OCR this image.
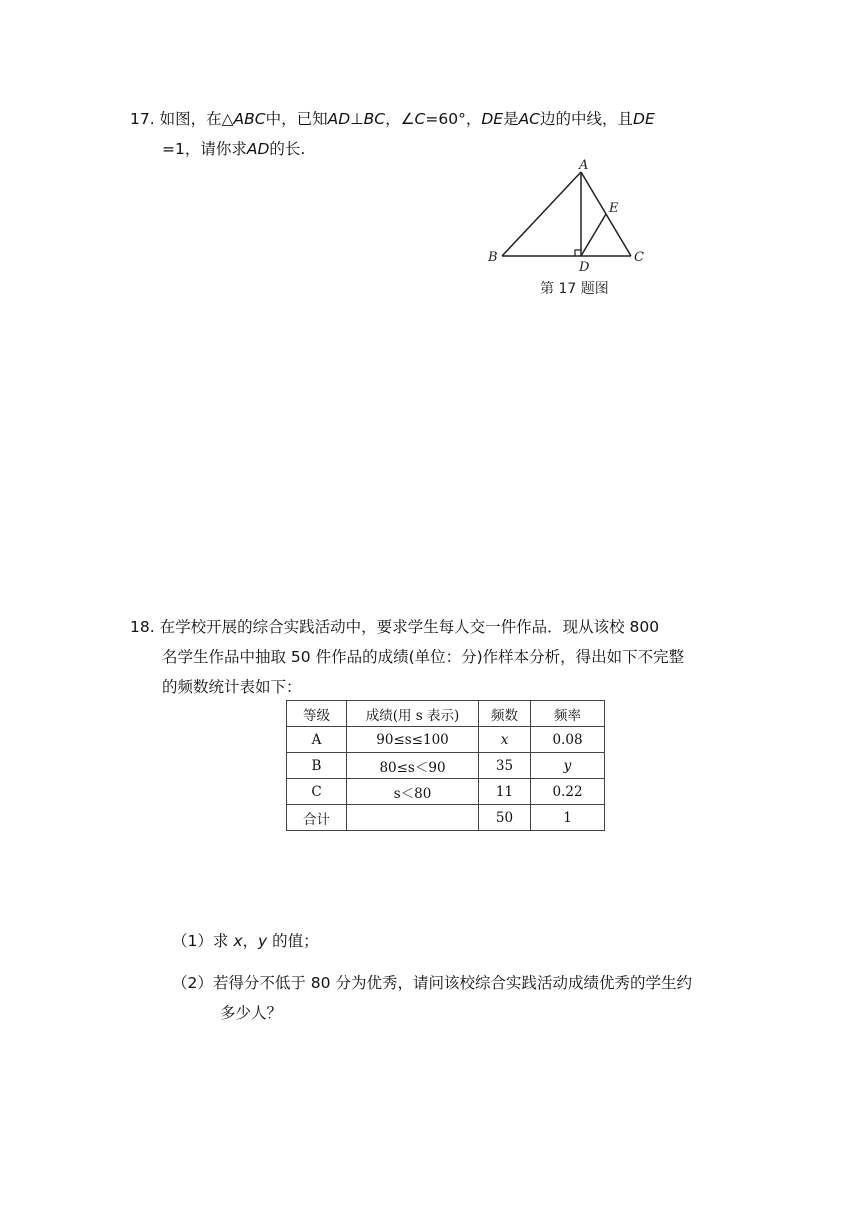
17. 如图，在△ABC中，已知AD⊥BC，∠C=60°，DE是AC边的中线，且DE
=1，请你求AD的长.
A
B	C
D
E
第 17 题图
18. 在学校开展的综合实践活动中，要求学生每人交一件作品．现从该校 800
名学生作品中抽取 50 件作品的成绩(单位：分)作样本分析，得出如下不完整
的频数统计表如下：
等级	成绩(用 s 表示)	频数	频率
A	90≤s≤100	x	0.08
B	80≤s＜90	35	y
C	s＜80	11	0.22
合计		50	1
（1）求 x，y 的值；
（2）若得分不低于 80 分为优秀，请问该校综合实践活动成绩优秀的学生约
多少人？
